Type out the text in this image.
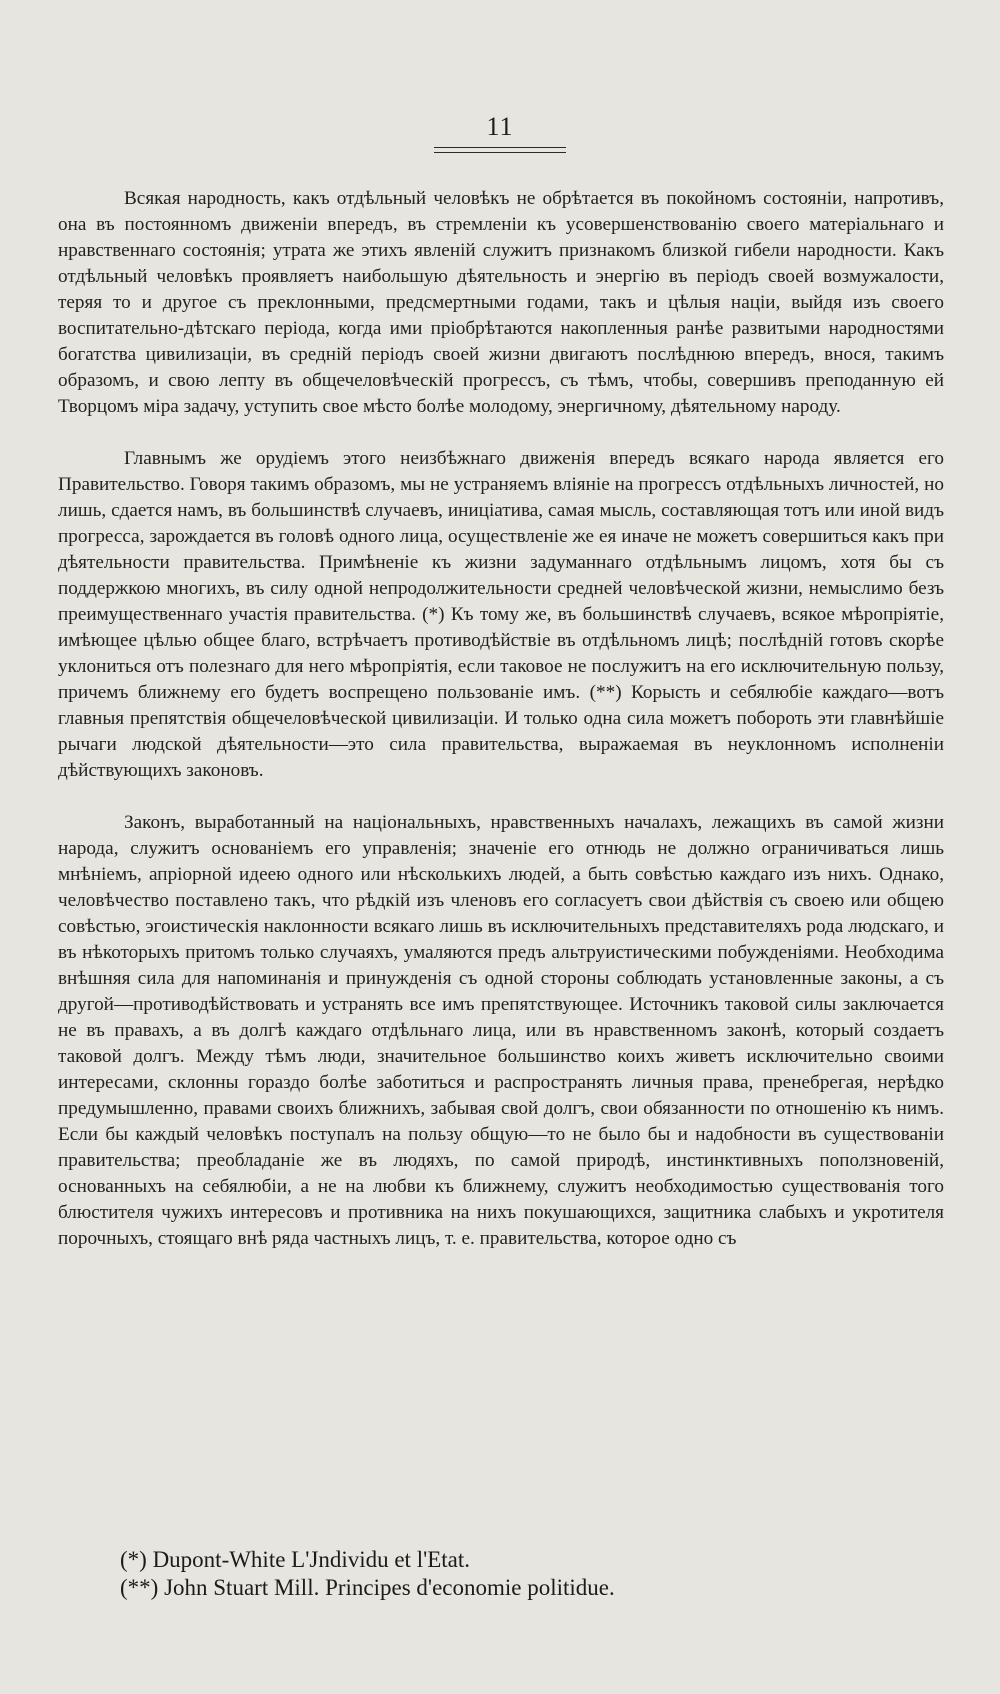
11

Всякая народность, какъ отдѣльный человѣкъ не обрѣтается въ покойномъ состояніи, напротивъ, она въ постоянномъ движеніи впередъ, въ стремленіи къ усовершенствованію своего матеріальнаго и нравственнаго состоянія; утрата же этихъ явленій служитъ признакомъ близкой гибели народности. Какъ отдѣльный человѣкъ проявляетъ наибольшую дѣятельность и энергію въ періодъ своей возмужалости, теряя то и другое съ преклонными, предсмертными годами, такъ и цѣлыя націи, выйдя изъ своего воспитательно-дѣтскаго періода, когда ими пріобрѣтаются накопленныя ранѣе развитыми народностями богатства цивилизаціи, въ средній періодъ своей жизни двигаютъ послѣднюю впередъ, внося, такимъ образомъ, и свою лепту въ общечеловѣческій прогрессъ, съ тѣмъ, чтобы, совершивъ преподанную ей Творцомъ міра задачу, уступить свое мѣсто болѣе молодому, энергичному, дѣятельному народу.

Главнымъ же орудіемъ этого неизбѣжнаго движенія впередъ всякаго народа является его Правительство. Говоря такимъ образомъ, мы не устраняемъ вліяніе на прогрессъ отдѣльныхъ личностей, но лишь, сдается намъ, въ большинствѣ случаевъ, иниціатива, самая мысль, составляющая тотъ или иной видъ прогресса, зарождается въ головѣ одного лица, осуществленіе же ея иначе не можетъ совершиться какъ при дѣятельности правительства. Примѣненіе къ жизни задуманнаго отдѣльнымъ лицомъ, хотя бы съ поддержкою многихъ, въ силу одной непродолжительности средней человѣческой жизни, немыслимо безъ преимущественнаго участія правительства. (*) Къ тому же, въ большинствѣ случаевъ, всякое мѣропріятіе, имѣющее цѣлью общее благо, встрѣчаетъ противодѣйствіе въ отдѣльномъ лицѣ; послѣдній готовъ скорѣе уклониться отъ полезнаго для него мѣропріятія, если таковое не послужитъ на его исключительную пользу, причемъ ближнему его будетъ воспрещено пользованіе имъ. (**) Корысть и себялюбіе каждаго—вотъ главныя препятствія общечеловѣческой цивилизаціи. И только одна сила можетъ побороть эти главнѣйшіе рычаги людской дѣятельности—это сила правительства, выражаемая въ неуклонномъ исполненіи дѣйствующихъ законовъ.

Законъ, выработанный на національныхъ, нравственныхъ началахъ, лежащихъ въ самой жизни народа, служитъ основаніемъ его управленія; значеніе его отнюдь не должно ограничиваться лишь мнѣніемъ, апріорной идеею одного или нѣсколькихъ людей, а быть совѣстью каждаго изъ нихъ. Однако, человѣчество поставлено такъ, что рѣдкій изъ членовъ его согласуетъ свои дѣйствія съ своею или общею совѣстью, эгоистическія наклонности всякаго лишь въ исключительныхъ представителяхъ рода людскаго, и въ нѣкоторыхъ притомъ только случаяхъ, умаляются предъ альтруистическими побужденіями. Необходима внѣшняя сила для напоминанія и принужденія съ одной стороны соблюдать установленные законы, а съ другой—противодѣйствовать и устранять все имъ препятствующее. Источникъ таковой силы заключается не въ правахъ, а въ долгѣ каждаго отдѣльнаго лица, или въ нравственномъ законѣ, который создаетъ таковой долгъ. Между тѣмъ люди, значительное большинство коихъ живетъ исключительно своими интересами, склонны гораздо болѣе заботиться и распространять личныя права, пренебрегая, нерѣдко предумышленно, правами своихъ ближнихъ, забывая свой долгъ, свои обязанности по отношенію къ нимъ. Если бы каждый человѣкъ поступалъ на пользу общую—то не было бы и надобности въ существованіи правительства; преобладаніе же въ людяхъ, по самой природѣ, инстинктивныхъ поползновеній, основанныхъ на себялюбіи, а не на любви къ ближнему, служитъ необходимостью существованія того блюстителя чужихъ интересовъ и противника на нихъ покушающихся, защитника слабыхъ и укротителя порочныхъ, стоящаго внѣ ряда частныхъ лицъ, т. е. правительства, которое одно съ

(*) Dupont-White L'Jndividu et l'Etat.
(**) John Stuart Mill. Principes d'economie politidue.
